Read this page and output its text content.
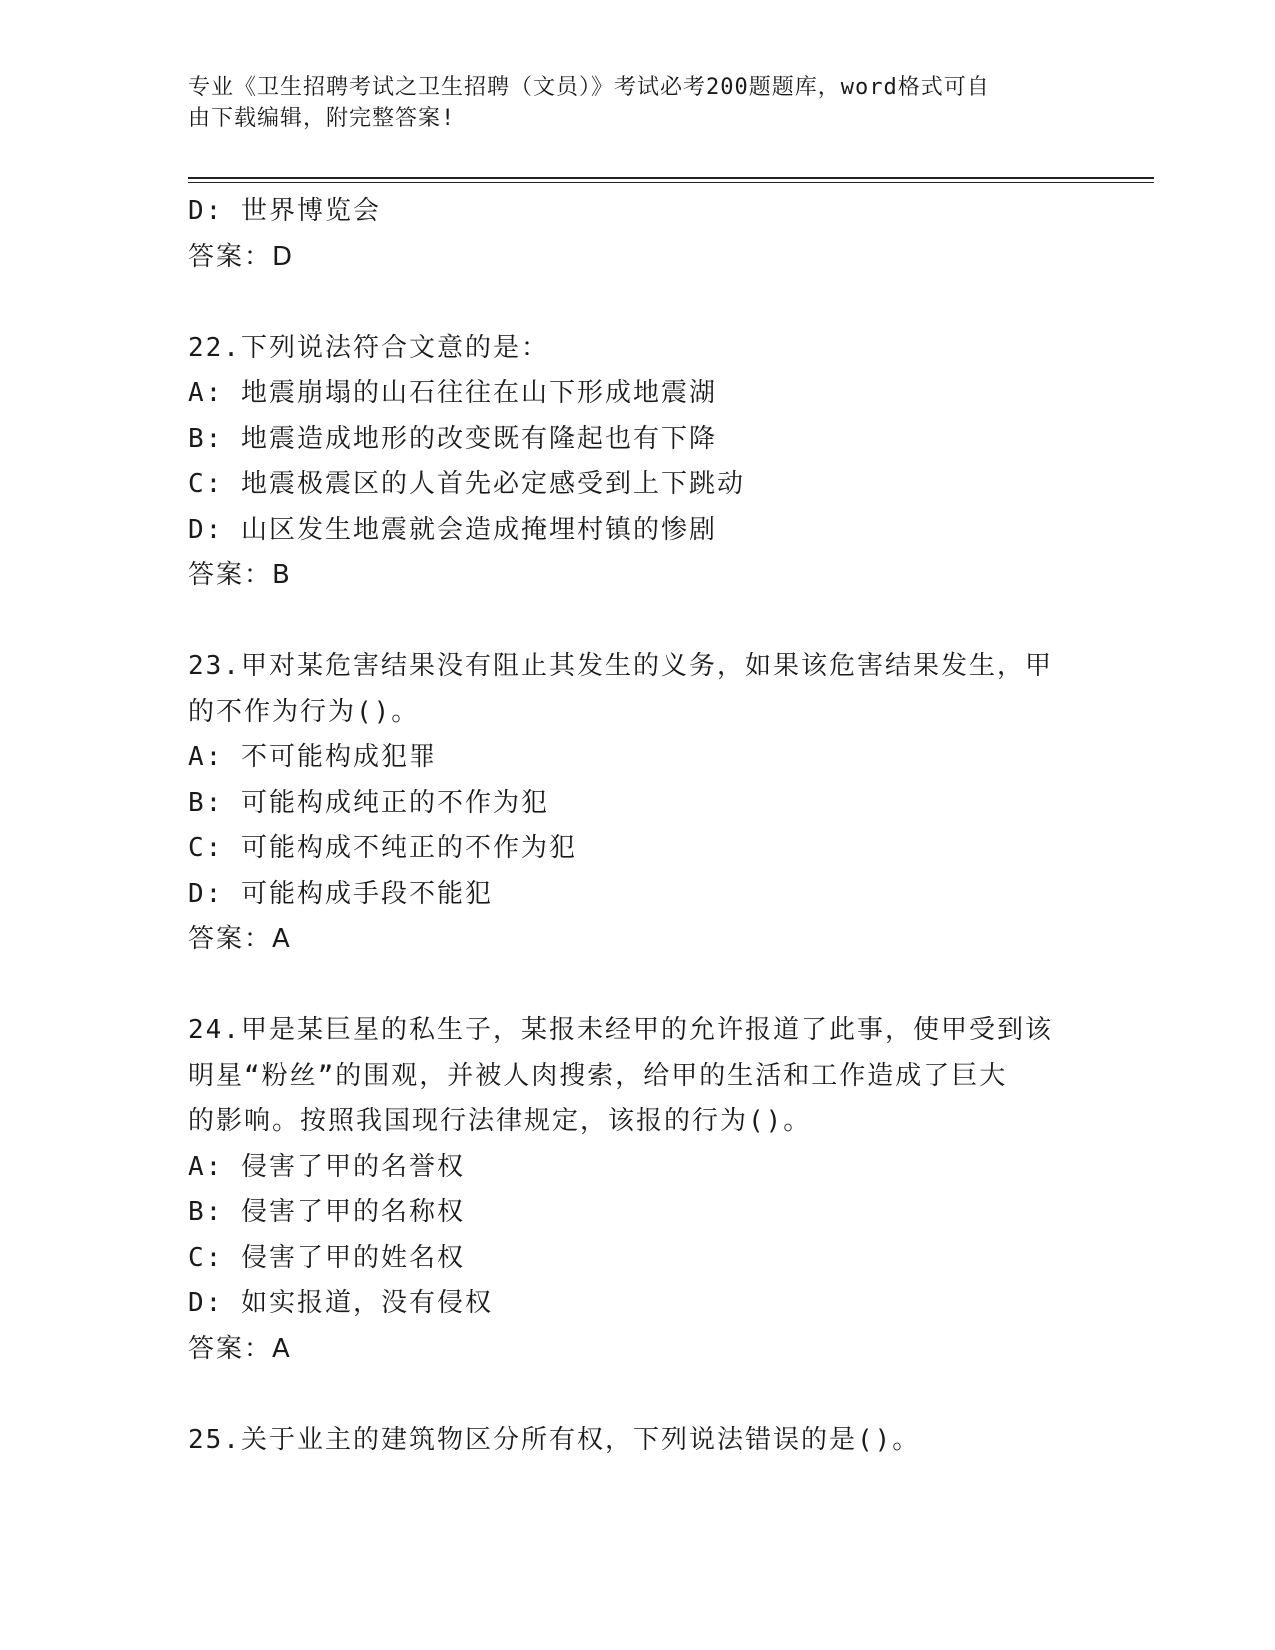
专业《卫生招聘考试之卫生招聘（文员）》考试必考200题题库，word格式可自
由下载编辑，附完整答案!

D: 世界博览会

答案：D

22.下列说法符合文意的是：

A: 地震崩塌的山石往往在山下形成地震湖

B: 地震造成地形的改变既有隆起也有下降

C: 地震极震区的人首先必定感受到上下跳动

D: 山区发生地震就会造成掩埋村镇的惨剧

答案：B

23.甲对某危害结果没有阻止其发生的义务，如果该危害结果发生，甲

的不作为行为()。

A: 不可能构成犯罪

B: 可能构成纯正的不作为犯

C: 可能构成不纯正的不作为犯

D: 可能构成手段不能犯

答案：A

24.甲是某巨星的私生子，某报未经甲的允许报道了此事，使甲受到该

明星“粉丝”的围观，并被人肉搜索，给甲的生活和工作造成了巨大

的影响。按照我国现行法律规定，该报的行为()。

A: 侵害了甲的名誉权

B: 侵害了甲的名称权

C: 侵害了甲的姓名权

D: 如实报道，没有侵权

答案：A

25.关于业主的建筑物区分所有权，下列说法错误的是()。
